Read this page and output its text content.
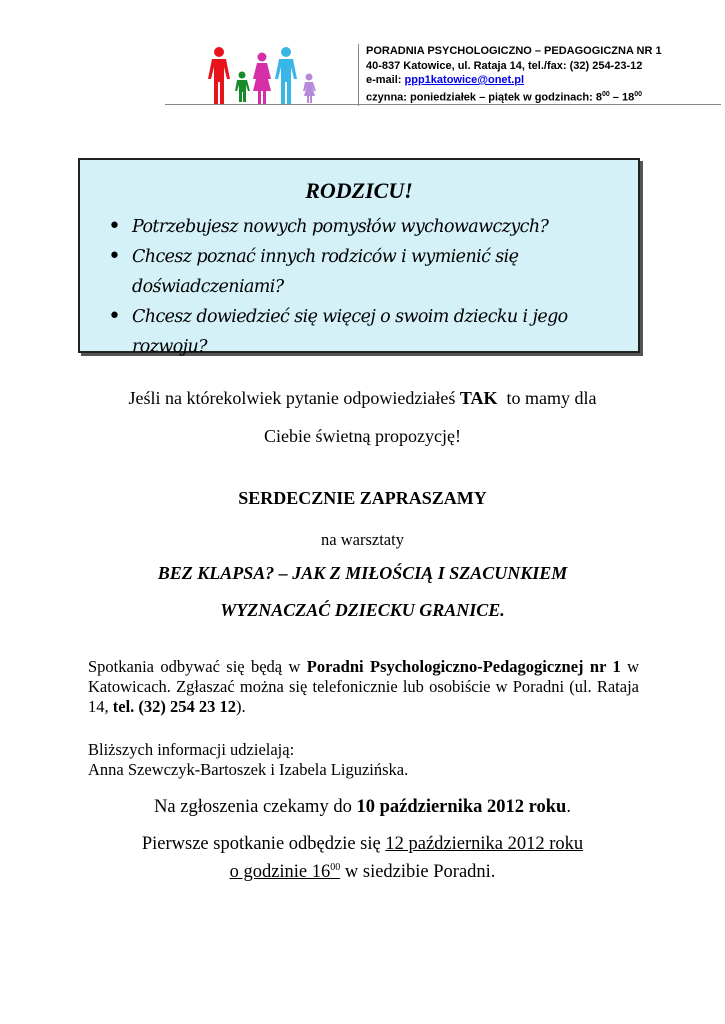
PORADNIA PSYCHOLOGICZNO – PEDAGOGICZNA NR 1
40-837 Katowice, ul. Rataja 14, tel./fax: (32) 254-23-12
e-mail: ppp1katowice@onet.pl
czynna: poniedziałek – piątek w godzinach: $8^{00} - 18^{00}$
RODZICU!
• Potrzebujesz nowych pomysłów wychowawczych?
• Chcesz poznać innych rodziców i wymienić się doświadczeniami?
• Chcesz dowiedzieć się więcej o swoim dziecku i jego rozwoju?
Jeśli na którekolwiek pytanie odpowiedziałeś TAK  to mamy dla
Ciebie świetną propozycję!
SERDECZNIE ZAPRASZAMY
na warsztaty
BEZ KLAPSA? – JAK Z MIŁOŚCIĄ I SZACUNKIEM
WYZNACZAĆ DZIECKU GRANICE.
Spotkania odbywać się będą w Poradni Psychologiczno-Pedagogicznej nr 1 w Katowicach. Zgłaszać można się telefonicznie lub osobiście w Poradni (ul. Rataja 14, tel. (32) 254 23 12).
Bliższych informacji udzielają:
Anna Szewczyk-Bartoszek i Izabela Liguzińska.
Na zgłoszenia czekamy do 10 października 2012 roku.
Pierwsze spotkanie odbędzie się 12 października 2012 roku
o godzinie $16^{00}$ w siedzibie Poradni.
